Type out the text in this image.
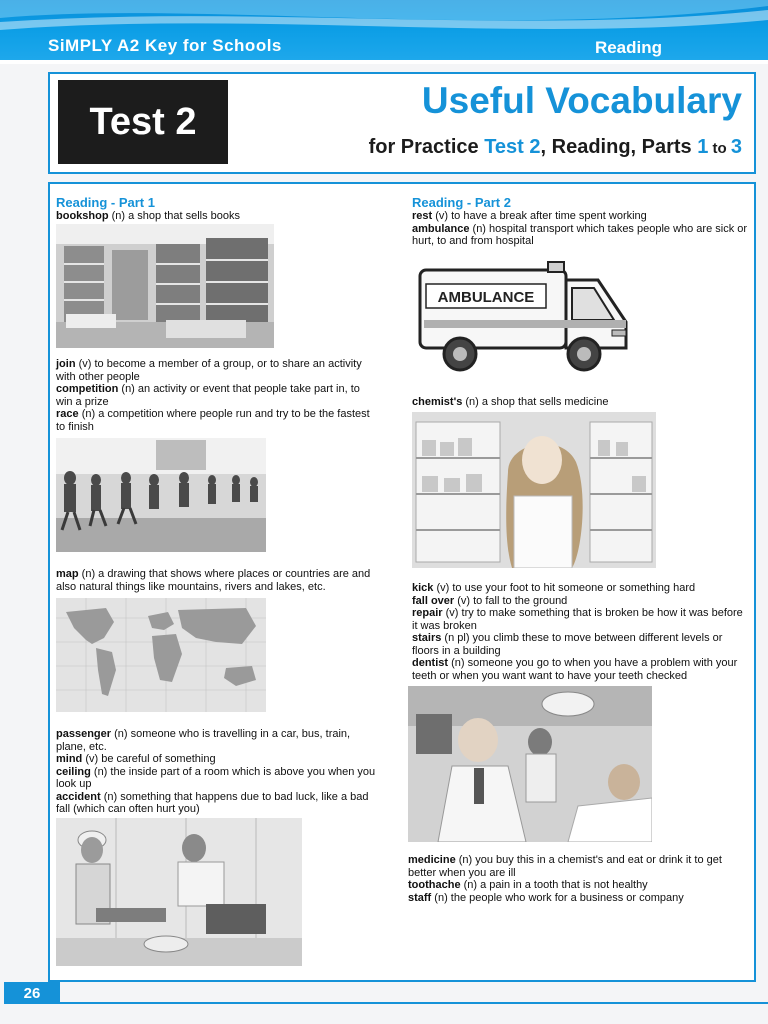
SiMPLY A2 Key for Schools	Reading
Test 2	Useful Vocabulary
for Practice Test 2, Reading, Parts 1 to 3
Reading - Part 1

bookshop (n) a shop that sells books

join (v) to become a member of a group, or to share an activity with other people

competition (n) an activity or event that people take part in, to win a prize

race (n) a competition where people run and try to be the fastest to finish

map (n) a drawing that shows where places or countries are and also natural things like mountains, rivers and lakes, etc.

passenger (n) someone who is travelling in a car, bus, train, plane, etc.

mind (v) be careful of something

ceiling (n) the inside part of a room which is above you when you look up

accident (n) something that happens due to bad luck, like a bad fall (which can often hurt you)

Reading - Part 2

rest (v) to have a break after time spent working

ambulance (n) hospital transport which takes people who are sick or hurt, to and from hospital

AMBULANCE

chemist's (n) a shop that sells medicine

kick (v) to use your foot to hit someone or something hard

fall over (v) to fall to the ground

repair (v) try to make something that is broken be how it was before it was broken

stairs (n pl) you climb these to move between different levels or floors in a building

dentist (n) someone you go to when you have a problem with your teeth or when you want want to have your teeth checked

medicine (n) you buy this in a chemist's and eat or drink it to get better when you are ill

toothache (n) a pain in a tooth that is not healthy

staff (n) the people who work for a business or company

26
